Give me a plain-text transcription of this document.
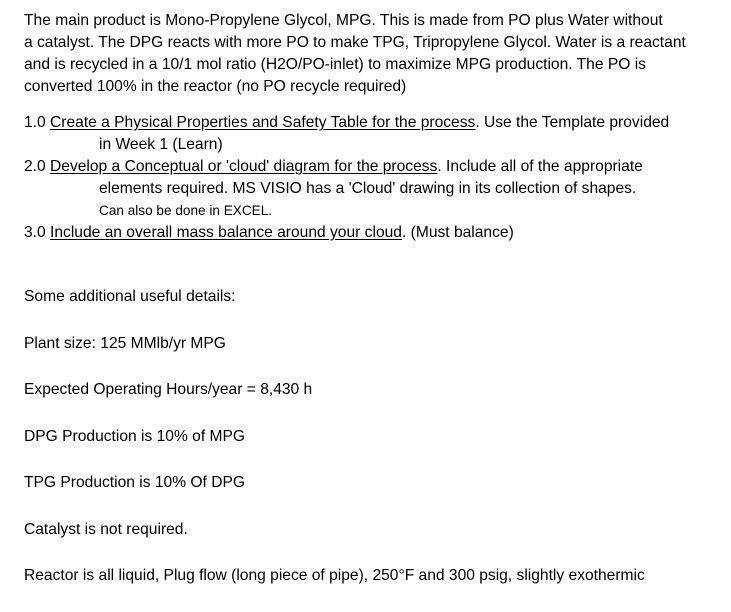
The main product is Mono-Propylene Glycol, MPG. This is made from PO plus Water without

a catalyst. The DPG reacts with more PO to make TPG, Tripropylene Glycol. Water is a reactant

and is recycled in a 10/1 mol ratio (H2O/PO-inlet) to maximize MPG production. The PO is

converted 100% in the reactor (no PO recycle required)

1.0 Create a Physical Properties and Safety Table for the process. Use the Template provided

in Week 1 (Learn)

2.0 Develop a Conceptual or 'cloud' diagram for the process. Include all of the appropriate

elements required. MS VISIO has a 'Cloud' drawing in its collection of shapes.

Can also be done in EXCEL.

3.0 Include an overall mass balance around your cloud. (Must balance)

Some additional useful details:

Plant size: 125 MMlb/yr MPG

Expected Operating Hours/year = 8,430 h

DPG Production is 10% of MPG

TPG Production is 10% Of DPG

Catalyst is not required.

Reactor is all liquid, Plug flow (long piece of pipe), 250°F and 300 psig, slightly exothermic
